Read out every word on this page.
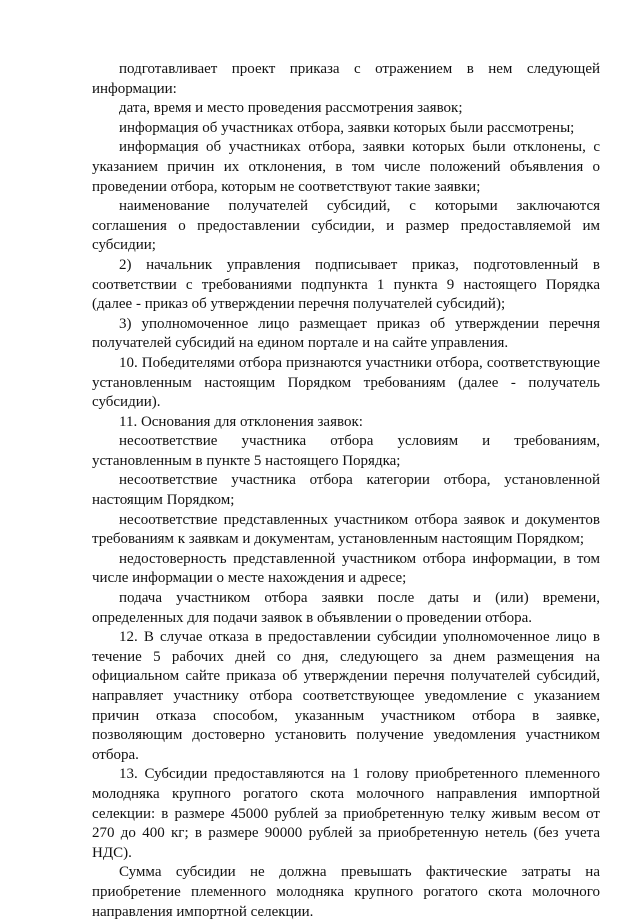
подготавливает проект приказа с отражением в нем следующей информации:

дата, время и место проведения рассмотрения заявок;

информация об участниках отбора, заявки которых были рассмотрены;

информация об участниках отбора, заявки которых были отклонены, с указанием причин их отклонения, в том числе положений объявления о проведении отбора, которым не соответствуют такие заявки;

наименование получателей субсидий, с которыми заключаются соглашения о предоставлении субсидии, и размер предоставляемой им субсидии;

2) начальник управления подписывает приказ, подготовленный в соответствии с требованиями подпункта 1 пункта 9 настоящего Порядка (далее - приказ об утверждении перечня получателей субсидий);

3) уполномоченное лицо размещает приказ об утверждении перечня получателей субсидий на едином портале и на сайте управления.

10. Победителями отбора признаются участники отбора, соответствующие установленным настоящим Порядком требованиям (далее - получатель субсидии).

11. Основания для отклонения заявок:

несоответствие участника отбора условиям и требованиям, установленным в пункте 5 настоящего Порядка;

несоответствие участника отбора категории отбора, установленной настоящим Порядком;

несоответствие представленных участником отбора заявок и документов требованиям к заявкам и документам, установленным настоящим Порядком;

недостоверность представленной участником отбора информации, в том числе информации о месте нахождения и адресе;

подача участником отбора заявки после даты и (или) времени, определенных для подачи заявок в объявлении о проведении отбора.

12. В случае отказа в предоставлении субсидии уполномоченное лицо в течение 5 рабочих дней со дня, следующего за днем размещения на официальном сайте приказа об утверждении перечня получателей субсидий, направляет участнику отбора соответствующее уведомление с указанием причин отказа способом, указанным участником отбора в заявке, позволяющим достоверно установить получение уведомления участником отбора.

13. Субсидии предоставляются на 1 голову приобретенного племенного молодняка крупного рогатого скота молочного направления импортной селекции: в размере 45000 рублей за приобретенную телку живым весом от 270 до 400 кг; в размере 90000 рублей за приобретенную нетель (без учета НДС).

Сумма субсидии не должна превышать фактические затраты на приобретение племенного молодняка крупного рогатого скота молочного направления импортной селекции.
